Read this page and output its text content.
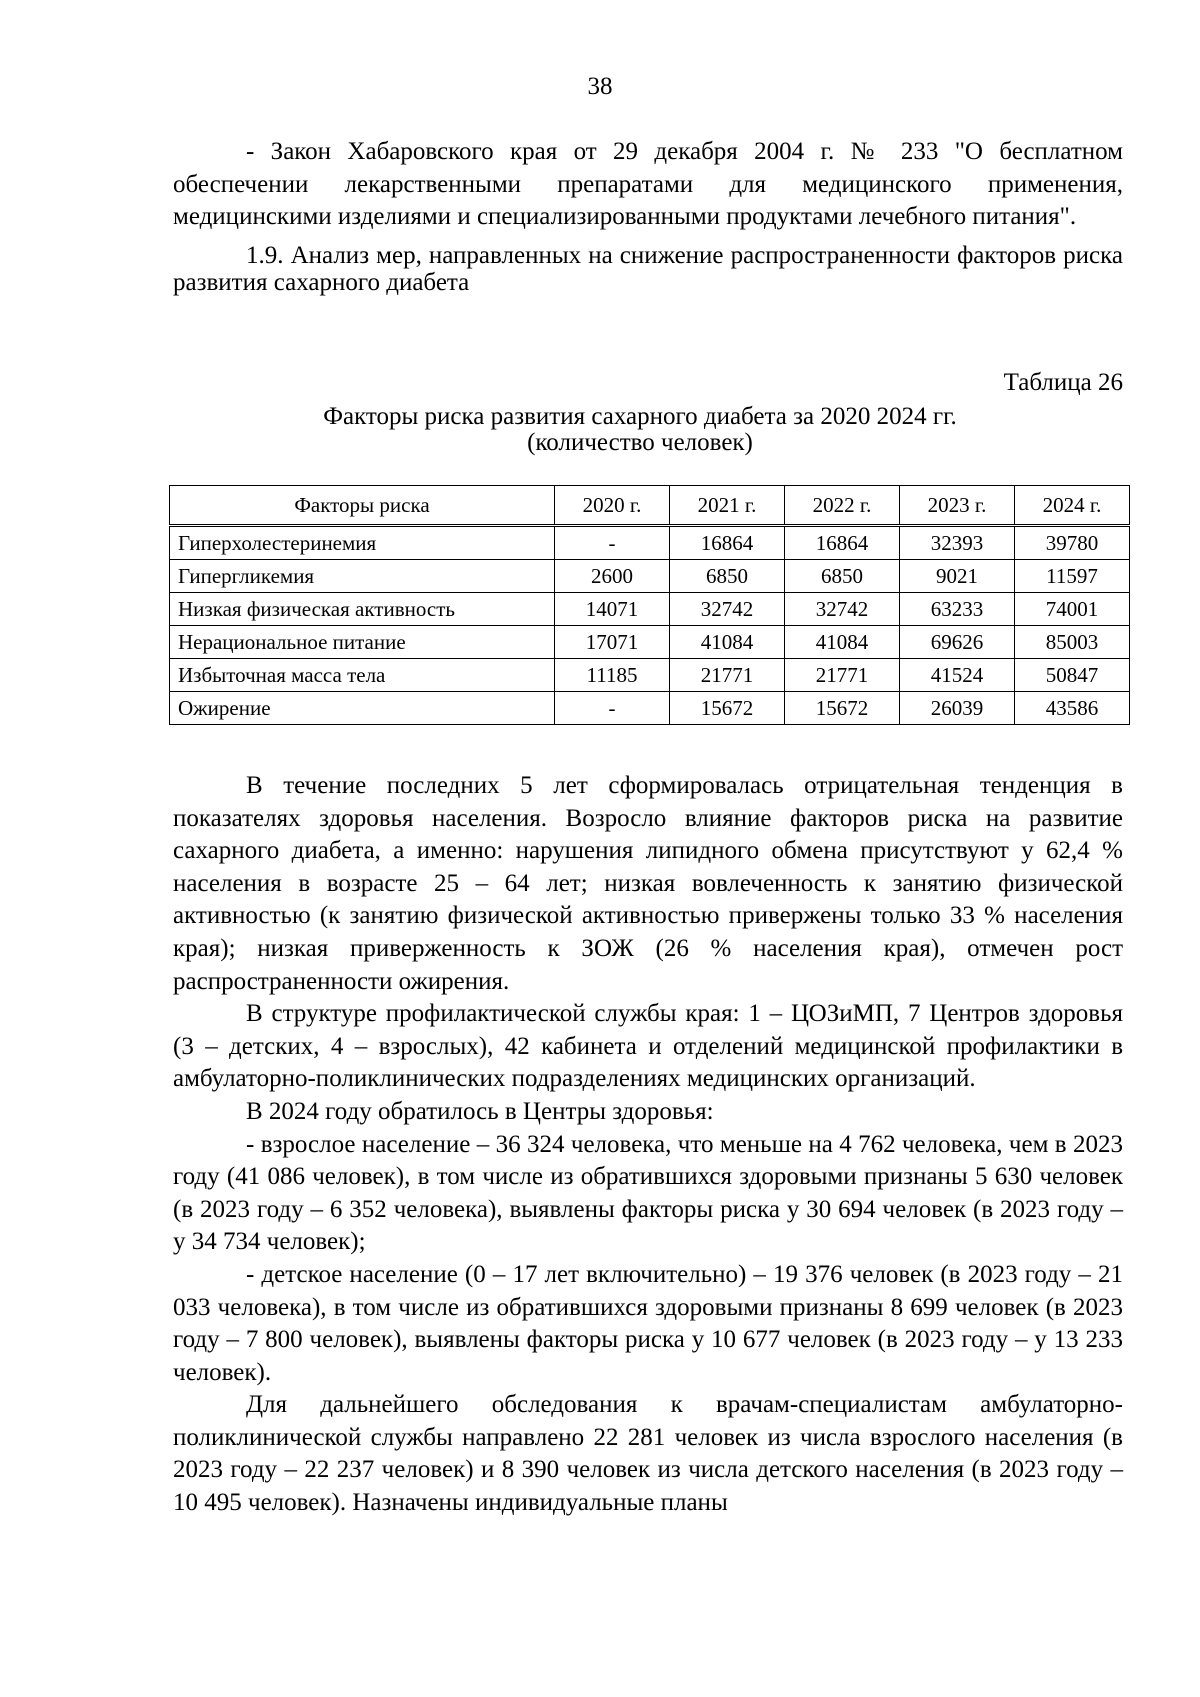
38

- Закон Хабаровского края от 29 декабря 2004 г. № 233 "О бесплатном обеспечении лекарственными препаратами для медицинского применения, медицинскими изделиями и специализированными продуктами лечебного питания".

1.9. Анализ мер, направленных на снижение распространенности факторов риска развития сахарного диабета

Таблица 26
Факторы риска развития сахарного диабета за 2020 2024 гг.
(количество человек)
Факторы риска	2020 г.	2021 г.	2022 г.	2023 г.	2024 г.
Гиперхолестеринемия	-	16864	16864	32393	39780
Гипергликемия	2600	6850	6850	9021	11597
Низкая физическая активность	14071	32742	32742	63233	74001
Нерациональное питание	17071	41084	41084	69626	85003
Избыточная масса тела	11185	21771	21771	41524	50847
Ожирение	-	15672	15672	26039	43586

В течение последних 5 лет сформировалась отрицательная тенденция в показателях здоровья населения. Возросло влияние факторов риска на развитие сахарного диабета, а именно: нарушения липидного обмена присутствуют у 62,4 % населения в возрасте 25 – 64 лет; низкая вовлеченность к занятию физической активностью (к занятию физической активностью привержены только 33 % населения края); низкая приверженность к ЗОЖ (26 % населения края), отмечен рост распространенности ожирения.

В структуре профилактической службы края: 1 – ЦОЗиМП, 7 Центров здоровья (3 – детских, 4 – взрослых), 42 кабинета и отделений медицинской профилактики в амбулаторно-поликлинических подразделениях медицинских организаций.

В 2024 году обратилось в Центры здоровья:

- взрослое население – 36 324 человека, что меньше на 4 762 человека, чем в 2023 году (41 086 человек), в том числе из обратившихся здоровыми признаны 5 630 человек (в 2023 году – 6 352 человека), выявлены факторы риска у 30 694 человек (в 2023 году – у 34 734 человек);

- детское население (0 – 17 лет включительно) – 19 376 человек (в 2023 году – 21 033 человека), в том числе из обратившихся здоровыми признаны 8 699 человек (в 2023 году – 7 800 человек), выявлены факторы риска у 10 677 человек (в 2023 году – у 13 233 человек).

Для дальнейшего обследования к врачам-специалистам амбулаторно-поликлинической службы направлено 22 281 человек из числа взрослого населения (в 2023 году – 22 237 человек) и 8 390 человек из числа детского населения (в 2023 году – 10 495 человек). Назначены индивидуальные планы
